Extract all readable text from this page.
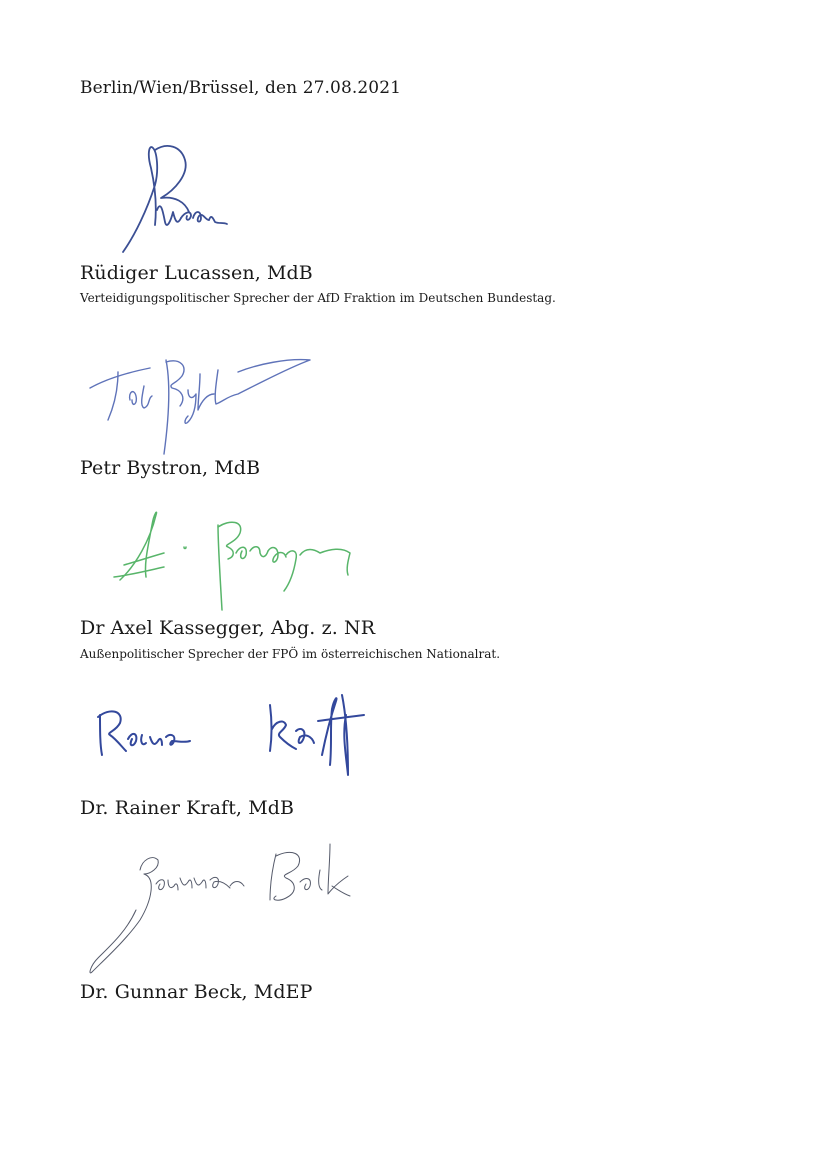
Berlin/Wien/Brüssel, den 27.08.2021
Rüdiger Lucassen, MdB
Verteidigungspolitischer Sprecher der AfD Fraktion im Deutschen Bundestag.
Petr Bystron, MdB
Dr Axel Kassegger, Abg. z. NR
Außenpolitischer Sprecher der FPÖ im österreichischen Nationalrat.
Dr. Rainer Kraft, MdB
Dr. Gunnar Beck, MdEP
